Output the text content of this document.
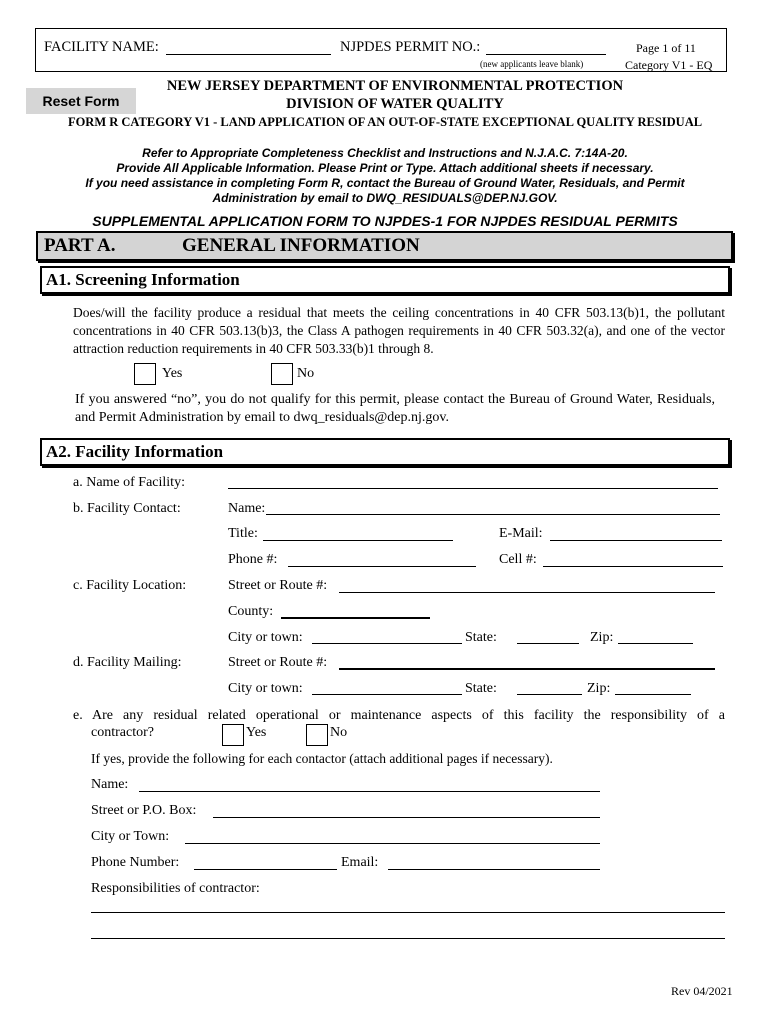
FACILITY NAME:	NJPDES PERMIT NO.:
(new applicants leave blank)
Page 1 of 11
Category V1 - EQ
Reset Form
NEW JERSEY DEPARTMENT OF ENVIRONMENTAL PROTECTION
DIVISION OF WATER QUALITY
FORM R CATEGORY V1 - LAND APPLICATION OF AN OUT-OF-STATE EXCEPTIONAL QUALITY RESIDUAL
Refer to Appropriate Completeness Checklist and Instructions and N.J.A.C. 7:14A-20.
Provide All Applicable Information. Please Print or Type. Attach additional sheets if necessary.
If you need assistance in completing Form R, contact the Bureau of Ground Water, Residuals, and Permit
Administration by email to DWQ_RESIDUALS@DEP.NJ.GOV.
SUPPLEMENTAL APPLICATION FORM TO NJPDES-1 FOR NJPDES RESIDUAL PERMITS
PART A.	GENERAL INFORMATION
A1. Screening Information
Does/will the facility produce a residual that meets the ceiling concentrations in 40 CFR 503.13(b)1, the pollutant concentrations in 40 CFR 503.13(b)3, the Class A pathogen requirements in 40 CFR 503.32(a), and one of the vector attraction reduction requirements in 40 CFR 503.33(b)1 through 8.
Yes	No
If you answered “no”, you do not qualify for this permit, please contact the Bureau of Ground Water, Residuals, and Permit Administration by email to dwq_residuals@dep.nj.gov.
A2. Facility Information
a. Name of Facility:
b. Facility Contact:	Name:
Title:	E-Mail:
Phone #:	Cell #:
c. Facility Location:	Street or Route #:
County:
City or town:	State:	Zip:
d. Facility Mailing:	Street or Route #:
City or town:	State:	Zip:
e. Are any residual related operational or maintenance aspects of this facility the responsibility of a
contractor?	Yes	No
If yes, provide the following for each contactor (attach additional pages if necessary).
Name:
Street or P.O. Box:
City or Town:
Phone Number:	Email:
Responsibilities of contractor:
Rev 04/2021
